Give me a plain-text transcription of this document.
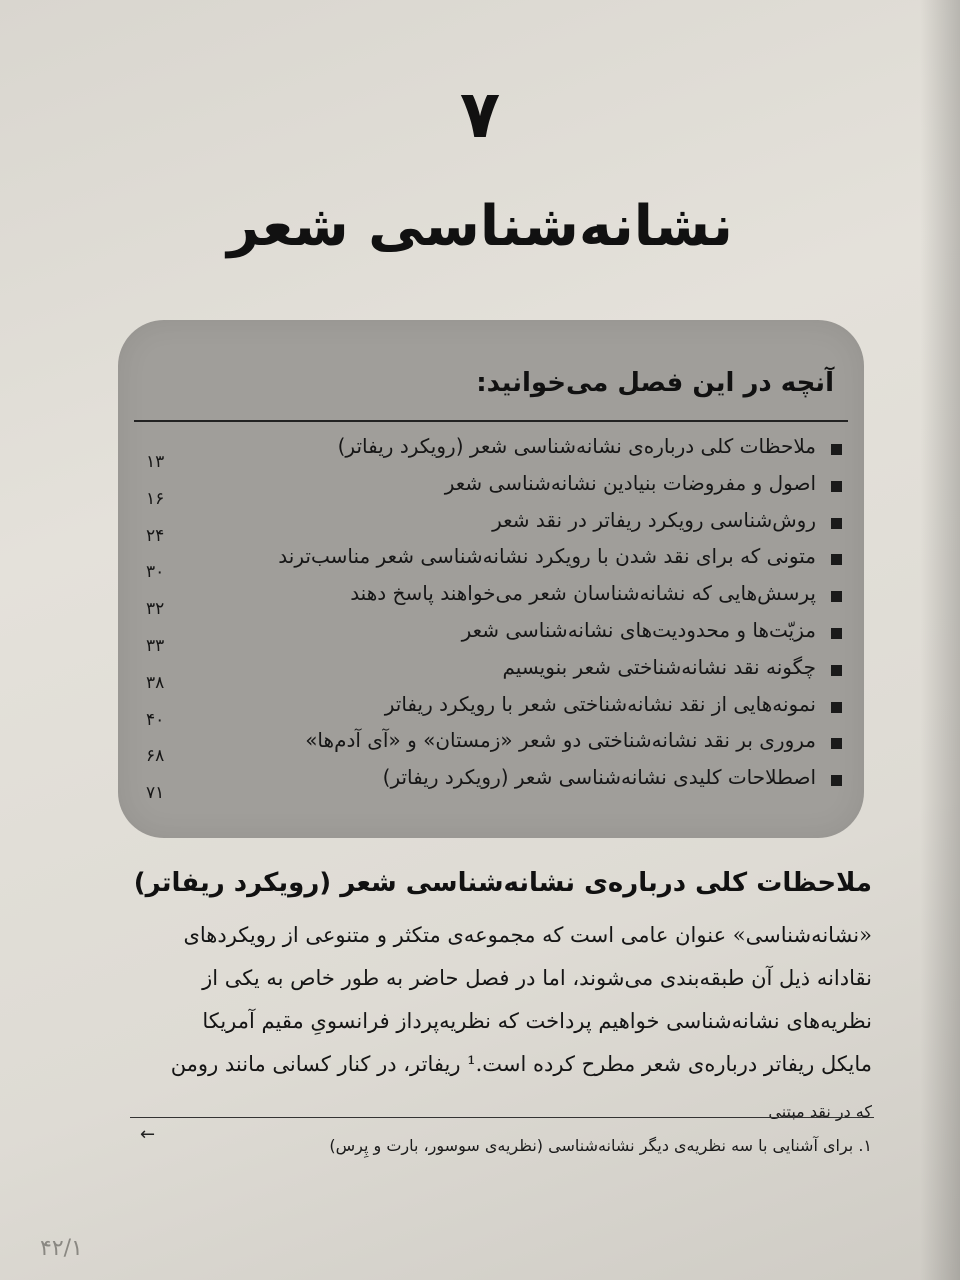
۷
نشانه‌شناسی شعر
آنچه در این فصل می‌خوانید:
ملاحظات کلی درباره‌ی نشانه‌شناسی شعر (رویکرد ریفاتر)
۱۳
اصول و مفروضات بنیادین نشانه‌شناسی شعر
۱۶
روش‌شناسی رویکرد ریفاتر در نقد شعر
۲۴
متونی که برای نقد شدن با رویکرد نشانه‌شناسی شعر مناسب‌ترند
۳۰
پرسش‌هایی که نشانه‌شناسان شعر می‌خواهند پاسخ دهند
۳۲
مزیّت‌ها و محدودیت‌های نشانه‌شناسی شعر
۳۳
چگونه نقد نشانه‌شناختی شعر بنویسیم
۳۸
نمونه‌هایی از نقد نشانه‌شناختی شعر با رویکرد ریفاتر
۴۰
مروری بر نقد نشانه‌شناختی دو شعر «زمستان» و «آی آدم‌ها»
۶۸
اصطلاحات کلیدی نشانه‌شناسی شعر (رویکرد ریفاتر)
۷۱
ملاحظات کلی درباره‌ی نشانه‌شناسی شعر (رویکرد ریفاتر)

«نشانه‌شناسی» عنوان عامی است که مجموعه‌ی متکثر و متنوعی از رویکردهای
نقادانه ذیل آن طبقه‌بندی می‌شوند، اما در فصل حاضر به طور خاص به یکی از
نظریه‌های نشانه‌شناسی خواهیم پرداخت که نظریه‌پرداز فرانسویِ مقیم آمریکا
مایکل ریفاتر درباره‌ی شعر مطرح کرده است.¹ ریفاتر، در کنار کسانی مانند رومن

که در نقد مبتنی
←
۱. برای آشنایی با سه نظریه‌ی دیگر نشانه‌شناسی (نظریه‌ی سوسور، بارت و پِرس)
۴۲/۱
